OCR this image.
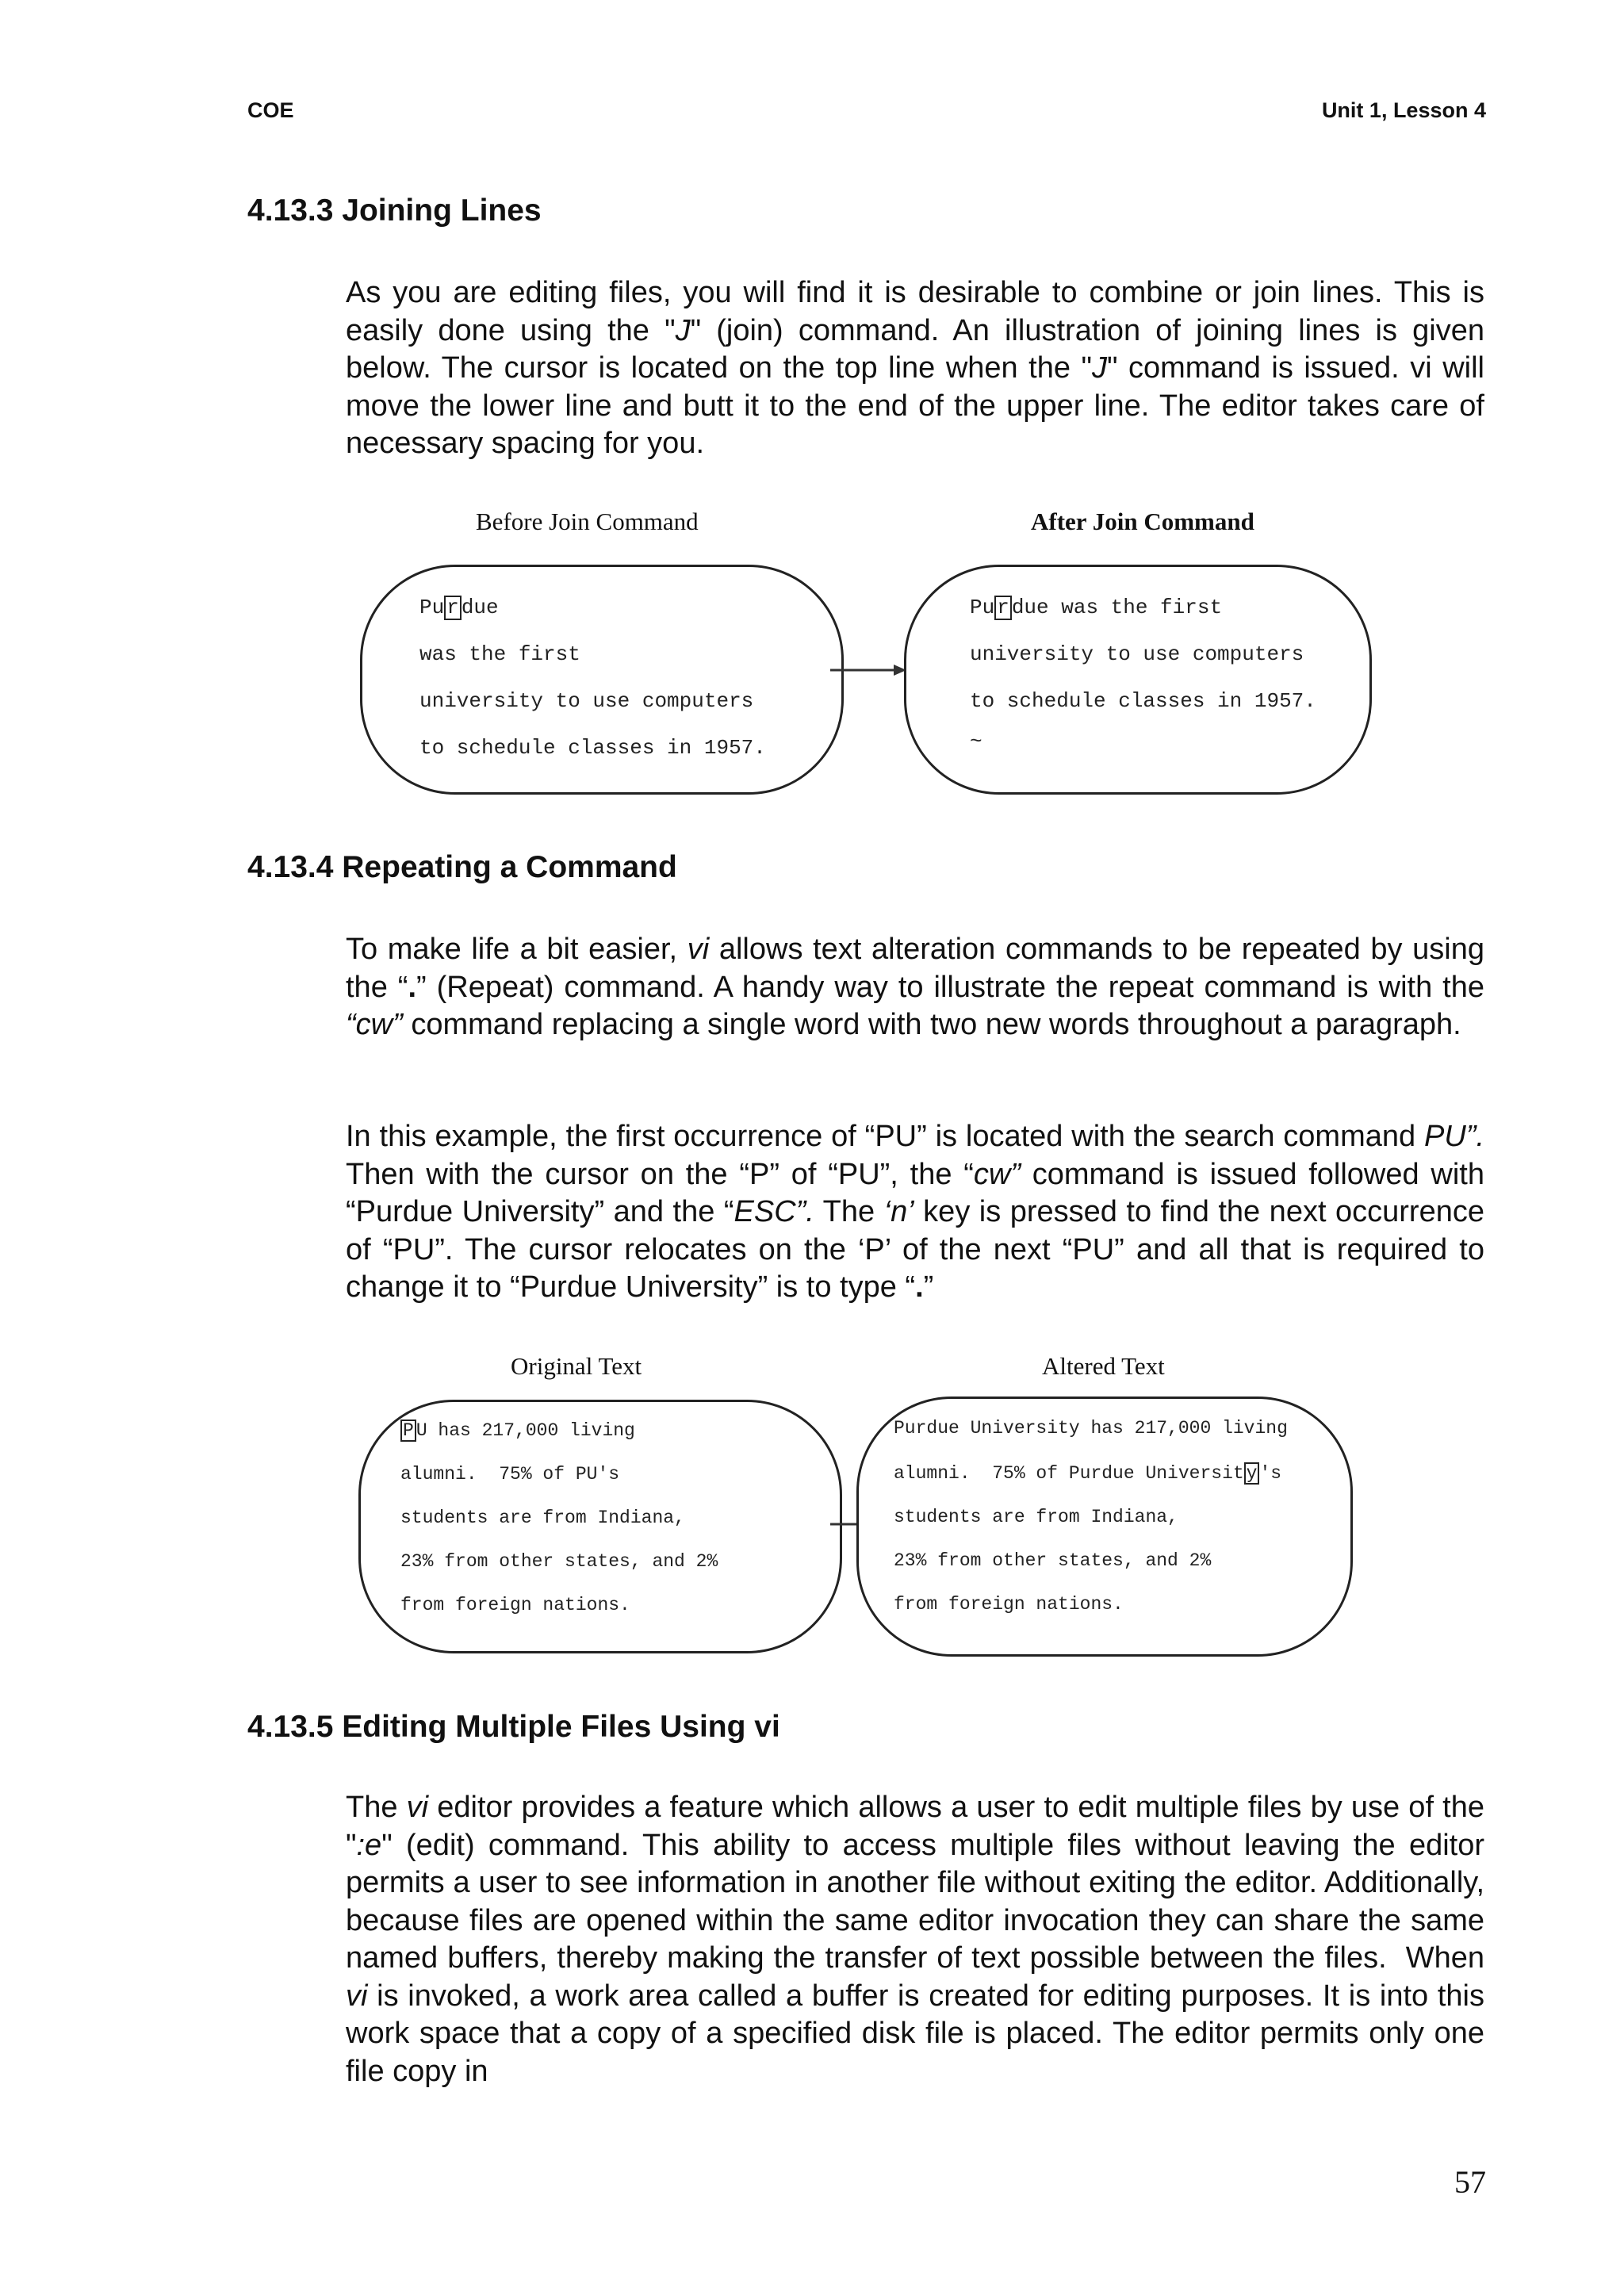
COE	Unit 1, Lesson 4
4.13.3 Joining Lines

As you are editing files, you will find it is desirable to combine or join lines. This is easily done using the "J" (join) command. An illustration of joining lines is given below. The cursor is located on the top line when the "J" command is issued. vi will move the lower line and butt it to the end of the upper line. The editor takes care of necessary spacing for you.

Before Join Command	After Join Command
Pu r due
was the first
university to use computers
to schedule classes in 1957.
Pu r due was the first
university to use computers
to schedule classes in 1957.
~
4.13.4 Repeating a Command

To make life a bit easier, vi allows text alteration commands to be repeated by using the “.” (Repeat) command. A handy way to illustrate the repeat command is with the “cw” command replacing a single word with two new words throughout a paragraph.

In this example, the first occurrence of “PU” is located with the search command PU”. Then with the cursor on the “P” of “PU”, the “cw” command is issued followed with “Purdue University” and the “ESC”. The ‘n’ key is pressed to find the next occurrence of “PU”. The cursor relocates on the ‘P’ of the next “PU” and all that is required to change it to “Purdue University” is to type “.”

Original Text	Altered Text
P U has 217,000 living
alumni.  75% of PU's
students are from Indiana,
23% from other states, and 2%
from foreign nations.
Purdue University has 217,000 living
alumni.  75% of Purdue Universit y 's
students are from Indiana,
23% from other states, and 2%
from foreign nations.
4.13.5 Editing Multiple Files Using vi

The vi editor provides a feature which allows a user to edit multiple files by use of the ":e" (edit) command. This ability to access multiple files without leaving the editor permits a user to see information in another file without exiting the editor. Additionally, because files are opened within the same editor invocation they can share the same named buffers, thereby making the transfer of text possible between the files.  When vi is invoked, a work area called a buffer is created for editing purposes. It is into this work space that a copy of a specified disk file is placed. The editor permits only one file copy in

57
